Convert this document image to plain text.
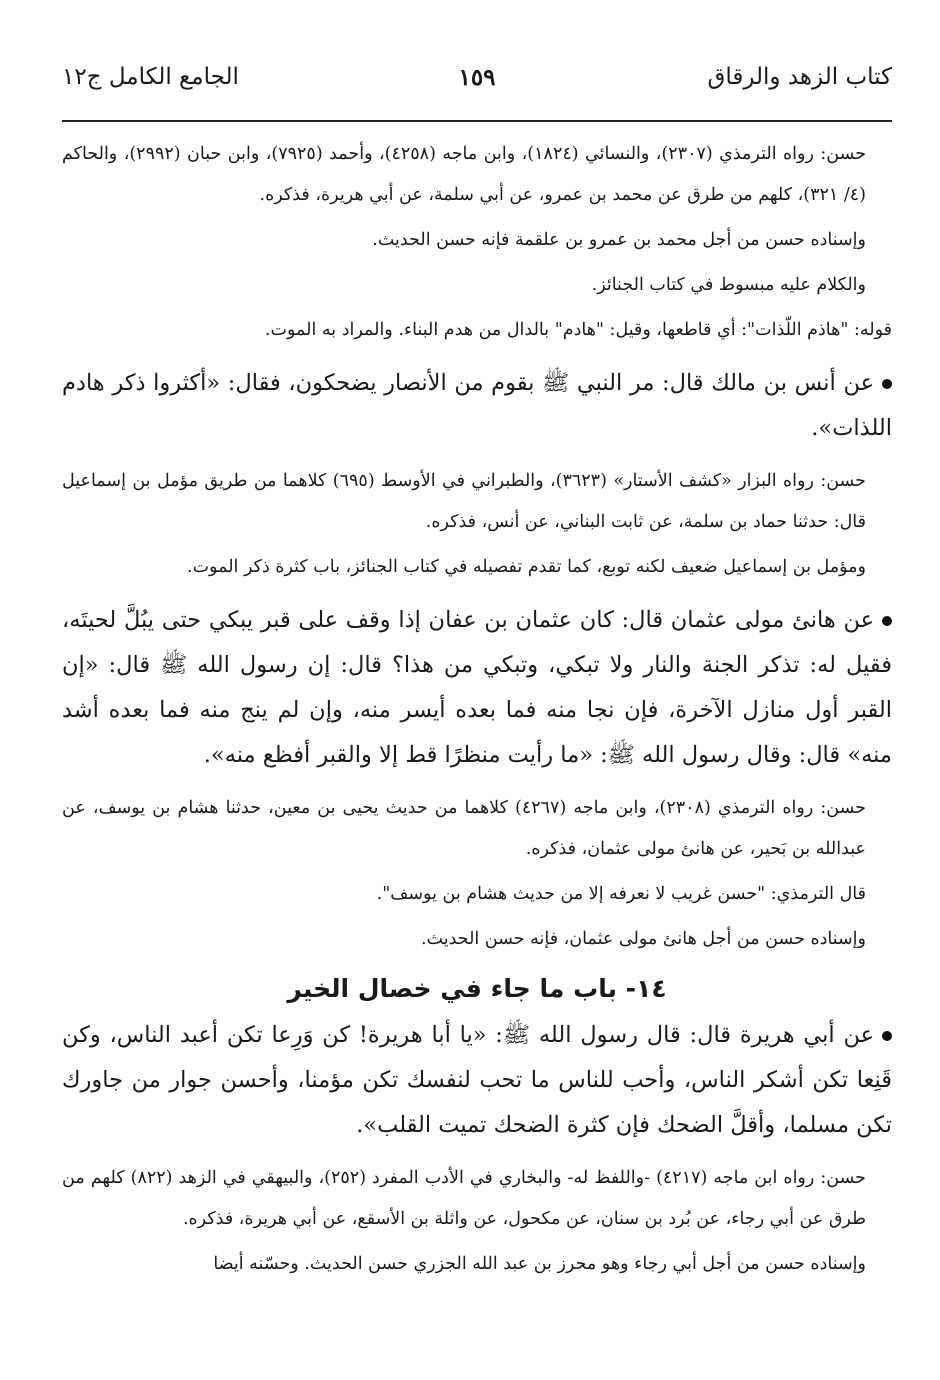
كتاب الزهد والرقاق
١٥٩
الجامع الكامل ج١٢

حسن: رواه الترمذي (٢٣٠٧)، والنسائي (١٨٢٤)، وابن ماجه (٤٢٥٨)، وأحمد (٧٩٢٥)، وابن حبان (٢٩٩٢)، والحاكم (٤/ ٣٢١)، كلهم من طرق عن محمد بن عمرو، عن أبي سلمة، عن أبي هريرة، فذكره.

وإسناده حسن من أجل محمد بن عمرو بن علقمة فإنه حسن الحديث.

والكلام عليه مبسوط في كتاب الجنائز.

قوله: "هاذم اللّذات": أي قاطعها، وقيل: "هادم" بالدال من هدم البناء. والمراد به الموت.

عن أنس بن مالك قال: مر النبي ﷺ بقوم من الأنصار يضحكون، فقال: «أكثروا ذكر هادم اللذات».

حسن: رواه البزار «كشف الأستار» (٣٦٢٣)، والطبراني في الأوسط (٦٩٥) كلاهما من طريق مؤمل بن إسماعيل قال: حدثنا حماد بن سلمة، عن ثابت البناني، عن أنس، فذكره.

ومؤمل بن إسماعيل ضعيف لكنه توبع، كما تقدم تفصيله في كتاب الجنائز، باب كثرة ذكر الموت.

عن هانئ مولى عثمان قال: كان عثمان بن عفان إذا وقف على قبر يبكي حتى يبُلَّ لحيتَه، فقيل له: تذكر الجنة والنار ولا تبكي، وتبكي من هذا؟ قال: إن رسول الله ﷺ قال: «إن القبر أول منازل الآخرة، فإن نجا منه فما بعده أيسر منه، وإن لم ينج منه فما بعده أشد منه» قال: وقال رسول الله ﷺ: «ما رأيت منظرًا قط إلا والقبر أفظع منه».

حسن: رواه الترمذي (٢٣٠٨)، وابن ماجه (٤٢٦٧) كلاهما من حديث يحيى بن معين، حدثنا هشام بن يوسف، عن عبدالله بن بَحير، عن هانئ مولى عثمان، فذكره.

قال الترمذي: "حسن غريب لا نعرفه إلا من حديث هشام بن يوسف".

وإسناده حسن من أجل هانئ مولى عثمان، فإنه حسن الحديث.

١٤- باب ما جاء في خصال الخير

عن أبي هريرة قال: قال رسول الله ﷺ: «يا أبا هريرة! كن وَرِعا تكن أعبد الناس، وكن قَنِعا تكن أشكر الناس، وأحب للناس ما تحب لنفسك تكن مؤمنا، وأحسن جوار من جاورك تكن مسلما، وأقلَّ الضحك فإن كثرة الضحك تميت القلب».

حسن: رواه ابن ماجه (٤٢١٧) -واللفظ له- والبخاري في الأدب المفرد (٢٥٢)، والبيهقي في الزهد (٨٢٢) كلهم من طرق عن أبي رجاء، عن بُرد بن سنان، عن مكحول، عن واثلة بن الأسقع، عن أبي هريرة، فذكره.

وإسناده حسن من أجل أبي رجاء وهو محرز بن عبد الله الجزري حسن الحديث. وحسّنه أيضا
